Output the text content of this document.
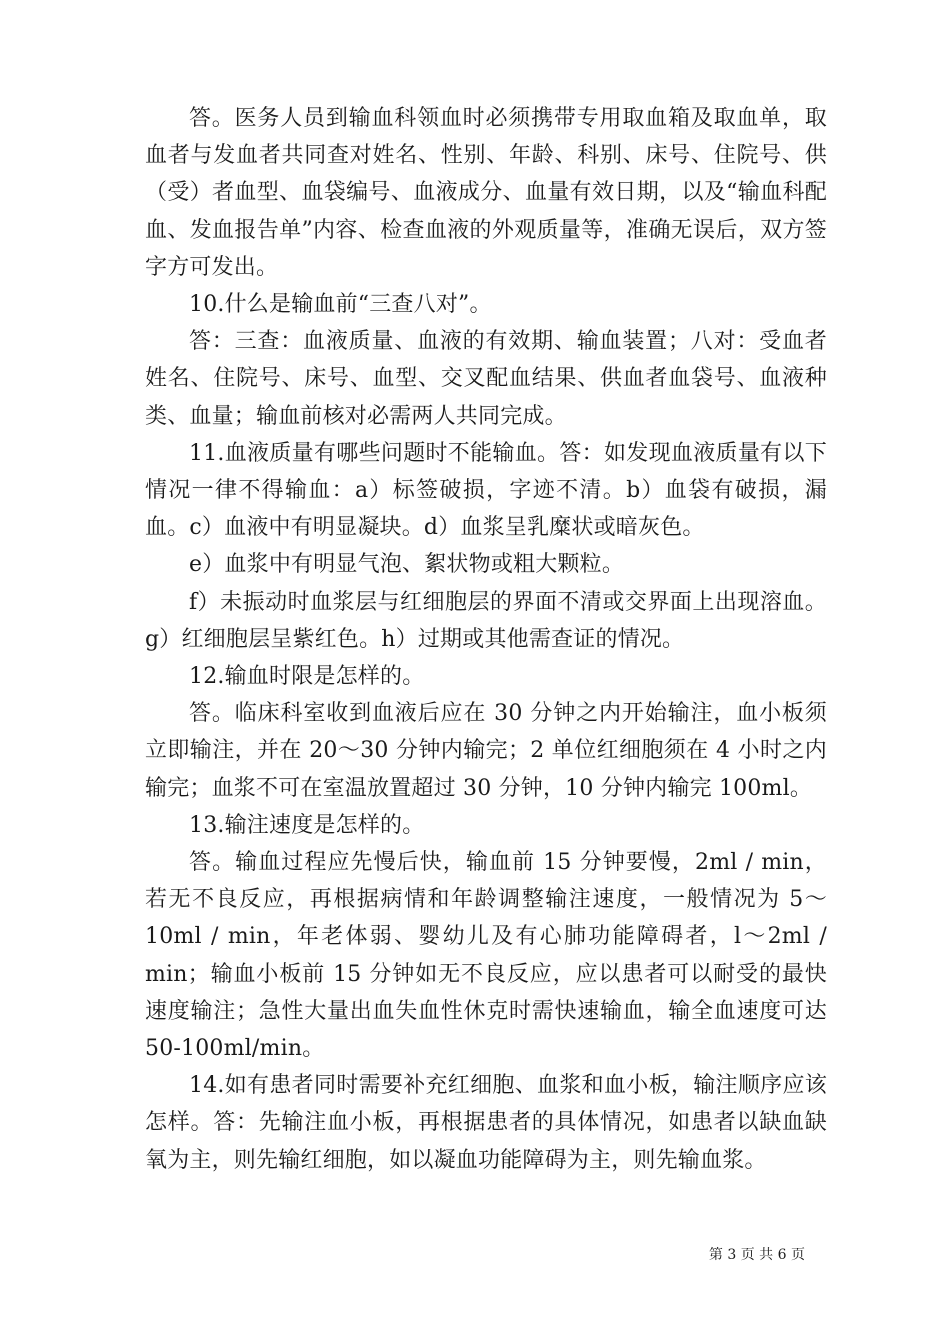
答。医务人员到输血科领血时必须携带专用取血箱及取血单，取血者与发血者共同查对姓名、性别、年龄、科别、床号、住院号、供（受）者血型、血袋编号、血液成分、血量有效日期，以及“输血科配血、发血报告单”内容、检查血液的外观质量等，准确无误后，双方签字方可发出。

10.什么是输血前“三查八对”。

答：三查：血液质量、血液的有效期、输血装置；八对：受血者姓名、住院号、床号、血型、交叉配血结果、供血者血袋号、血液种类、血量；输血前核对必需两人共同完成。

11.血液质量有哪些问题时不能输血。答：如发现血液质量有以下情况一律不得输血：a）标签破损，字迹不清。b）血袋有破损，漏血。c）血液中有明显凝块。d）血浆呈乳糜状或暗灰色。

e）血浆中有明显气泡、絮状物或粗大颗粒。

f）未振动时血浆层与红细胞层的界面不清或交界面上出现溶血。g）红细胞层呈紫红色。h）过期或其他需查证的情况。

12.输血时限是怎样的。

答。临床科室收到血液后应在 30 分钟之内开始输注，血小板须立即输注，并在 20～30 分钟内输完；2 单位红细胞须在 4 小时之内输完；血浆不可在室温放置超过 30 分钟，10 分钟内输完 100ml。

13.输注速度是怎样的。

答。输血过程应先慢后快，输血前 15 分钟要慢，2ml / min，若无不良反应，再根据病情和年龄调整输注速度，一般情况为 5～10ml / min，年老体弱、婴幼儿及有心肺功能障碍者，l～2ml / min；输血小板前 15 分钟如无不良反应，应以患者可以耐受的最快速度输注；急性大量出血失血性休克时需快速输血，输全血速度可达 50-100ml/min。

14.如有患者同时需要补充红细胞、血浆和血小板，输注顺序应该怎样。答：先输注血小板，再根据患者的具体情况，如患者以缺血缺氧为主，则先输红细胞，如以凝血功能障碍为主，则先输血浆。

第 3 页 共 6 页
